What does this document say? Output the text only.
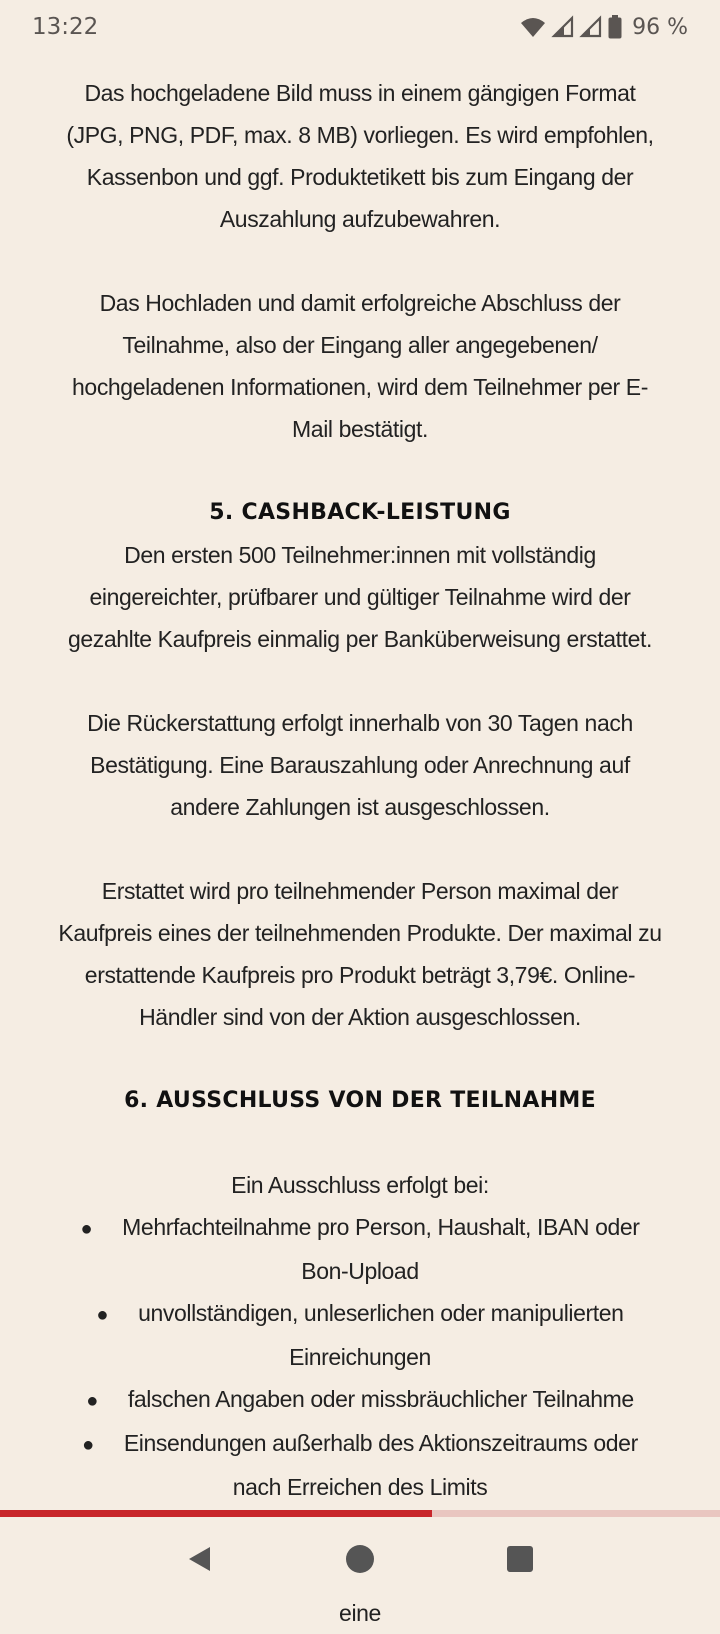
13:22	96 %

Das hochgeladene Bild muss in einem gängigen Format (JPG, PNG, PDF, max. 8 MB) vorliegen. Es wird empfohlen, Kassenbon und ggf. Produktetikett bis zum Eingang der Auszahlung aufzubewahren.

Das Hochladen und damit erfolgreiche Abschluss der Teilnahme, also der Eingang aller angegebenen/ hochgeladenen Informationen, wird dem Teilnehmer per E-Mail bestätigt.

5. CASHBACK-LEISTUNG

Den ersten 500 Teilnehmer:innen mit vollständig eingereichter, prüfbarer und gültiger Teilnahme wird der gezahlte Kaufpreis einmalig per Banküberweisung erstattet.

Die Rückerstattung erfolgt innerhalb von 30 Tagen nach Bestätigung. Eine Barauszahlung oder Anrechnung auf andere Zahlungen ist ausgeschlossen.

Erstattet wird pro teilnehmender Person maximal der Kaufpreis eines der teilnehmenden Produkte. Der maximal zu erstattende Kaufpreis pro Produkt beträgt 3,79€. Online-Händler sind von der Aktion ausgeschlossen.

6. AUSSCHLUSS VON DER TEILNAHME

Ein Ausschluss erfolgt bei:

● Mehrfachteilnahme pro Person, Haushalt, IBAN oder Bon-Upload
● unvollständigen, unleserlichen oder manipulierten Einreichungen
● falschen Angaben oder missbräuchlicher Teilnahme
● Einsendungen außerhalb des Aktionszeitraums oder nach Erreichen des Limits

eine
